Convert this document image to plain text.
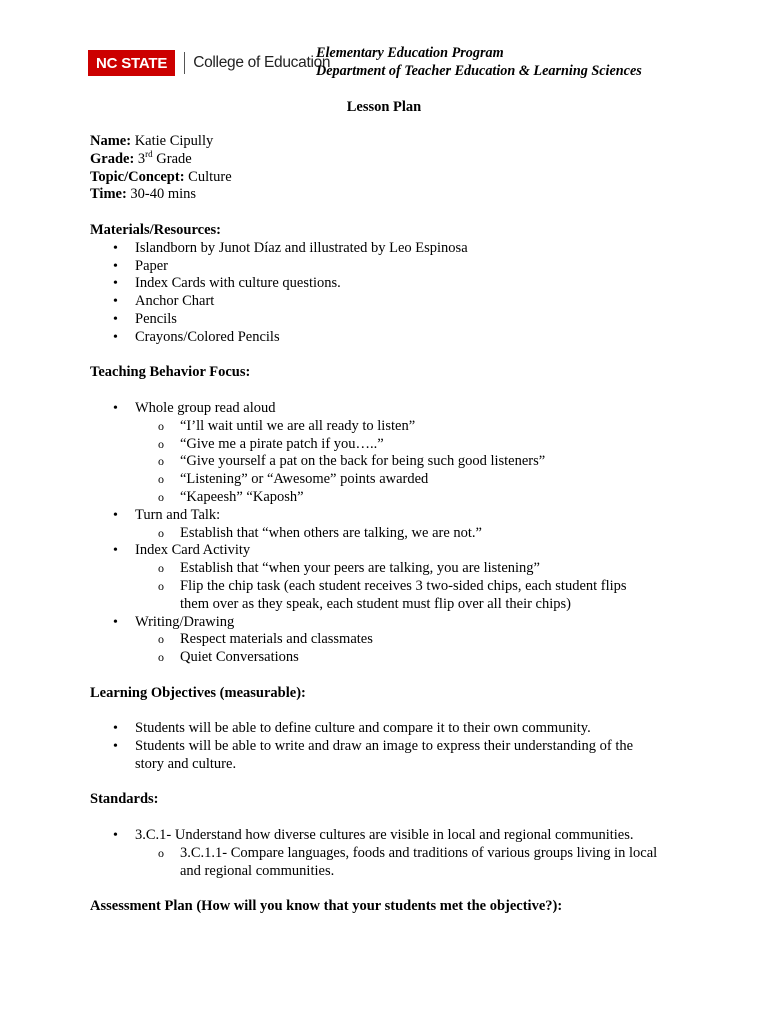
NC STATE	College of Education
Elementary Education Program
Department of Teacher Education & Learning Sciences
Lesson Plan
Name: Katie Cipully
Grade: 3rd Grade
Topic/Concept: Culture
Time: 30-40 mins
Materials/Resources:
• Islandborn by Junot Díaz and illustrated by Leo Espinosa
• Paper
• Index Cards with culture questions.
• Anchor Chart
• Pencils
• Crayons/Colored Pencils
Teaching Behavior Focus:
• Whole group read aloud
o “I’ll wait until we are all ready to listen”
o “Give me a pirate patch if you…..”
o “Give yourself a pat on the back for being such good listeners”
o “Listening” or “Awesome” points awarded
o “Kapeesh” “Kaposh”
• Turn and Talk:
o Establish that “when others are talking, we are not.”
• Index Card Activity
o Establish that “when your peers are talking, you are listening”
o Flip the chip task (each student receives 3 two-sided chips, each student flips
them over as they speak, each student must flip over all their chips)
• Writing/Drawing
o Respect materials and classmates
o Quiet Conversations
Learning Objectives (measurable):
• Students will be able to define culture and compare it to their own community.
• Students will be able to write and draw an image to express their understanding of the
story and culture.
Standards:
• 3.C.1- Understand how diverse cultures are visible in local and regional communities.
o 3.C.1.1- Compare languages, foods and traditions of various groups living in local
and regional communities.
Assessment Plan (How will you know that your students met the objective?):
